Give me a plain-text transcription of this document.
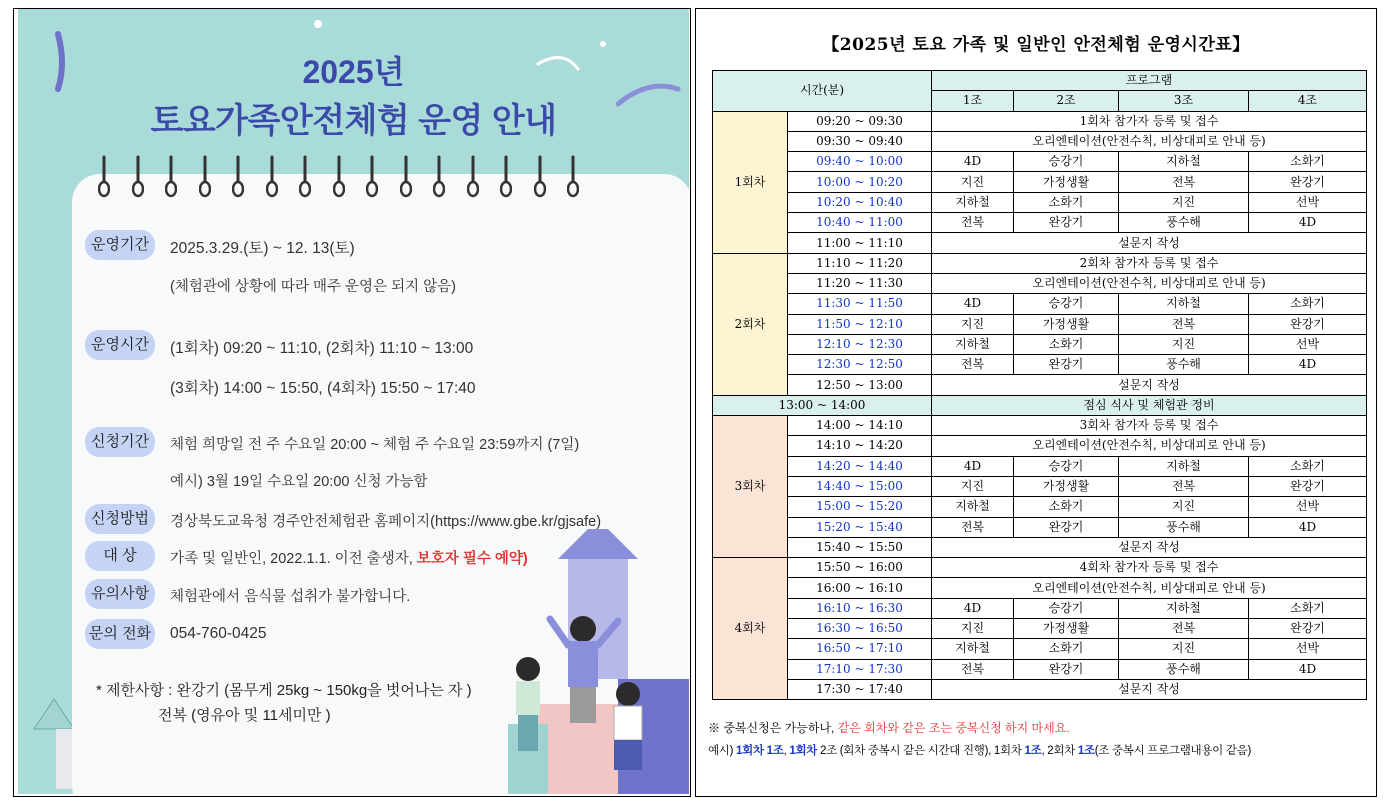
2025년
토요가족안전체험 운영 안내
운영기간	2025.3.29.(토) ~ 12. 13(토)
(체험관에 상황에 따라 매주 운영은 되지 않음)
운영시간	(1회차) 09:20 ~ 11:10, (2회차) 11:10 ~ 13:00
(3회차) 14:00 ~ 15:50, (4회차) 15:50 ~ 17:40
신청기간	체험 희망일 전 주 수요일 20:00 ~ 체험 주 수요일 23:59까지 (7일)
예시) 3월 19일 수요일 20:00 신청 가능함
신청방법	경상북도교육청 경주안전체험관 홈페이지(https://www.gbe.kr/gjsafe)
대 상	가족 및 일반인, 2022.1.1. 이전 출생자, 보호자 필수 예약)
유의사항	체험관에서 음식물 섭취가 불가합니다.
문의 전화 054-760-0425
* 제한사항 : 완강기 (몸무게 25kg ~ 150kg을 벗어나는 자 )
전복 (영유아 및 11세미만 )
【2025년 토요 가족 및 일반인 안전체험 운영시간표】
시간(분)		프로그램			
		1조	2조	3조	4조
1회차	09:20 ~ 09:30	1회차 참가자 등록 및 접수			
	09:30 ~ 09:40	오리엔테이션(안전수칙, 비상대피로 안내 등)			
	09:40 ~ 10:00	4D	승강기	지하철	소화기
	10:00 ~ 10:20	지진	가정생활	전복	완강기
	10:20 ~ 10:40	지하철	소화기	지진	선박
	10:40 ~ 11:00	전복	완강기	풍수해	4D
	11:00 ~ 11:10	설문지 작성			
2회차	11:10 ~ 11:20	2회차 참가자 등록 및 접수			
	11:20 ~ 11:30	오리엔테이션(안전수칙, 비상대피로 안내 등)			
	11:30 ~ 11:50	4D	승강기	지하철	소화기
	11:50 ~ 12:10	지진	가정생활	전복	완강기
	12:10 ~ 12:30	지하철	소화기	지진	선박
	12:30 ~ 12:50	전복	완강기	풍수해	4D
	12:50 ~ 13:00	설문지 작성			
13:00 ~ 14:00		점심 식사 및 체험관 정비			
3회차	14:00 ~ 14:10	3회차 참가자 등록 및 접수			
	14:10 ~ 14:20	오리엔테이션(안전수칙, 비상대피로 안내 등)			
	14:20 ~ 14:40	4D	승강기	지하철	소화기
	14:40 ~ 15:00	지진	가정생활	전복	완강기
	15:00 ~ 15:20	지하철	소화기	지진	선박
	15:20 ~ 15:40	전복	완강기	풍수해	4D
	15:40 ~ 15:50	설문지 작성			
4회차	15:50 ~ 16:00	4회차 참가자 등록 및 접수			
	16:00 ~ 16:10	오리엔테이션(안전수칙, 비상대피로 안내 등)			
	16:10 ~ 16:30	4D	승강기	지하철	소화기
	16:30 ~ 16:50	지진	가정생활	전복	완강기
	16:50 ~ 17:10	지하철	소화기	지진	선박
	17:10 ~ 17:30	전복	완강기	풍수해	4D
	17:30 ~ 17:40	설문지 작성			
※ 중복신청은 가능하나, 같은 회차와 같은 조는 중복신청 하지 마세요.
예시) 1회차 1조, 1회차 2조 (회차 중복시 같은 시간대 진행), 1회차 1조, 2회차 1조(조 중복시 프로그램내용이 같음)
